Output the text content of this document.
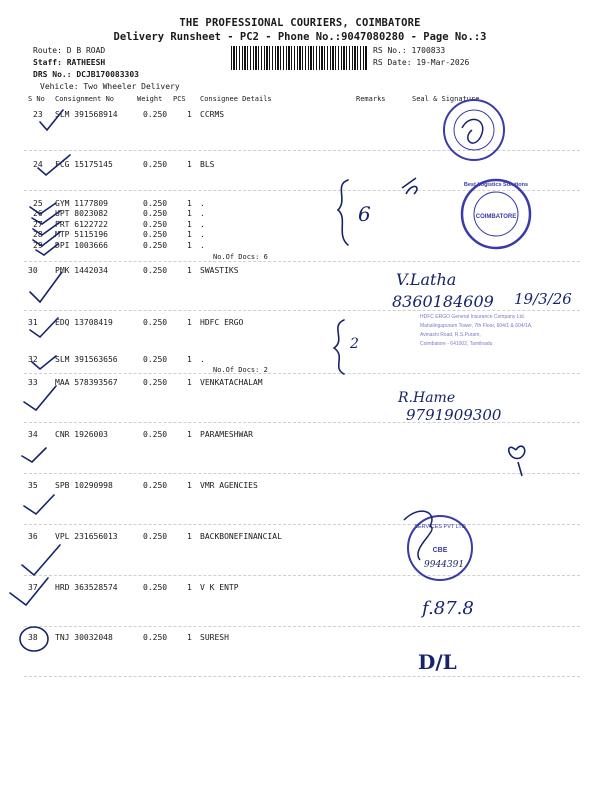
THE PROFESSIONAL COURIERS, COIMBATORE
Delivery Runsheet - PC2 - Phone No.:9047080280 - Page No.:3
Route: D B ROAD
Staff: RATHEESH
DRS No.: DCJB170083303
Vehicle: Two Wheeler Delivery
RS No.: 1700833
RS Date: 19-Mar-2026
S No Consignment No	Weight PCS Consignee Details	Remarks	Seal & Signature
23 SLM 391568914	0.250 1 CCRMS
24 FCG 15175145	0.250 1 BLS
25 GYM 1177809	0.250 1 .
26 UPT 8023082	0.250 1 .
27 PRT 6122722	0.250 1 .
28 MTP 5115196	0.250 1 .
29 DPI 1003666	0.250 1 .
No.Of Docs: 6
30 PMK 1442034	0.250 1 SWASTIKS
31 EDQ 13708419	0.250 1 HDFC ERGO
32 SLM 391563656	0.250 1 .
No.Of Docs: 2
33 MAA 578393567	0.250 1 VENKATACHALAM
34 CNR 1926003	0.250 1 PARAMESHWAR
35 SPB 10290998	0.250 1 VMR AGENCIES
36 VPL 231656013	0.250 1 BACKBONEFINANCIAL
37 HRD 363528574	0.250 1 V K ENTP
38 TNJ 30032048	0.250 1 SURESH
COIMBATORE
Best Logistics Solutions
HDFC ERGO General Insurance Company Ltd.
Mahalingapuram Tower, 7th Floor, 604/1 & 604/1A,
Avinashi Road, R.S.Puram,
Coimbatore - 641002, Tamilnadu
CBE
SERVICES PVT LTD
6
2
V.Latha
8360184609 19/3/26
R.Hame
9791909300
9944391
f.87.8
D/L
